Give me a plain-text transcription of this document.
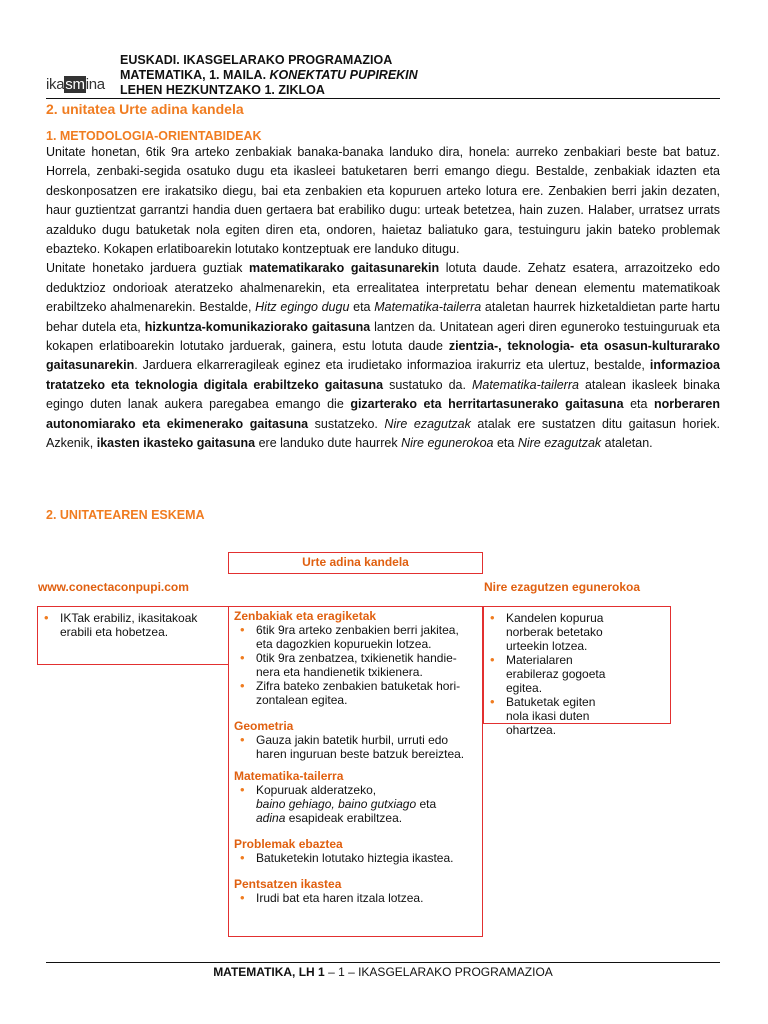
ikasmina
EUSKADI. IKASGELARAKO PROGRAMAZIOA
MATEMATIKA, 1. MAILA. KONEKTATU PUPIREKIN
LEHEN HEZKUNTZAKO 1. ZIKLOA
2. unitatea Urte adina kandela
1. METODOLOGIA-ORIENTABIDEAK

Unitate honetan, 6tik 9ra arteko zenbakiak banaka-banaka landuko dira, honela: aurreko zenbakiari beste bat batuz. Horrela, zenbaki-segida osatuko dugu eta ikasleei batuketaren berri emango diegu. Bestalde, zenbakiak idazten eta deskonposatzen ere irakatsiko diegu, bai eta zenbakien eta kopuruen arteko lotura ere. Zenbakien berri jakin dezaten, haur guztientzat garrantzi handia duen gertaera bat erabiliko dugu: urteak betetzea, hain zuzen. Halaber, urratsez urrats azalduko dugu batuketak nola egiten diren eta, ondoren, haietaz baliatuko gara, testuinguru jakin bateko problemak ebazteko. Kokapen erlatiboarekin lotutako kontzeptuak ere landuko ditugu.

Unitate honetako jarduera guztiak matematikarako gaitasunarekin lotuta daude. Zehatz esatera, arrazoitzeko edo deduktzioz ondorioak ateratzeko ahalmenarekin, eta errealitatea interpretatu behar denean elementu matematikoak erabiltzeko ahalmenarekin. Bestalde, Hitz egingo dugu eta Matematika-tailerra ataletan haurrek hizketaldietan parte hartu behar dutela eta, hizkuntza-komunikaziorako gaitasuna lantzen da. Unitatean ageri diren eguneroko testuinguruak eta kokapen erlatiboarekin lotutako jarduerak, gainera, estu lotuta daude zientzia-, teknologia- eta osasun-kulturarako gaitasunarekin. Jarduera elkarreragileak eginez eta irudietako informazioa irakurriz eta ulertuz, bestalde, informazioa tratatzeko eta teknologia digitala erabiltzeko gaitasuna sustatuko da. Matematika-tailerra atalean ikasleek binaka egingo duten lanak aukera paregabea emango die gizarterako eta herritartasunerako gaitasuna eta norberaren autonomiarako eta ekimenerako gaitasuna sustatzeko. Nire ezagutzak atalak ere sustatzen ditu gaitasun horiek. Azkenik, ikasten ikasteko gaitasuna ere landuko dute haurrek Nire egunerokoa eta Nire ezagutzak ataletan.

2. UNITATEAREN ESKEMA
Urte adina kandela
www.conectaconpupi.com	Nire ezagutzen egunerokoa
• IKTak erabiliz, ikasitakoak erabili eta hobetzea.
• Kandelen kopurua norberak betetako urteekin lotzea.
• Materialaren erabileraz gogoeta egitea.
• Batuketak egiten nola ikasi duten ohartzea.
Zenbakiak eta eragiketak
• 6tik 9ra arteko zenbakien berri jakitea, eta dagozkien kopuruekin lotzea.
• 0tik 9ra zenbatzea, txikienetik handie-nera eta handienetik txikienera.
• Zifra bateko zenbakien batuketak hori-zontalean egitea.
Geometria
• Gauza jakin batetik hurbil, urruti edo haren inguruan beste batzuk bereiztea.
Matematika-tailerra
• Kopuruak alderatzeko,
baino gehiago, baino gutxiago eta
adina esapideak erabiltzea.
Problemak ebaztea
• Batuketekin lotutako hiztegia ikastea.
Pentsatzen ikastea
• Irudi bat eta haren itzala lotzea.
MATEMATIKA, LH 1 – 1 – IKASGELARAKO PROGRAMAZIOA
